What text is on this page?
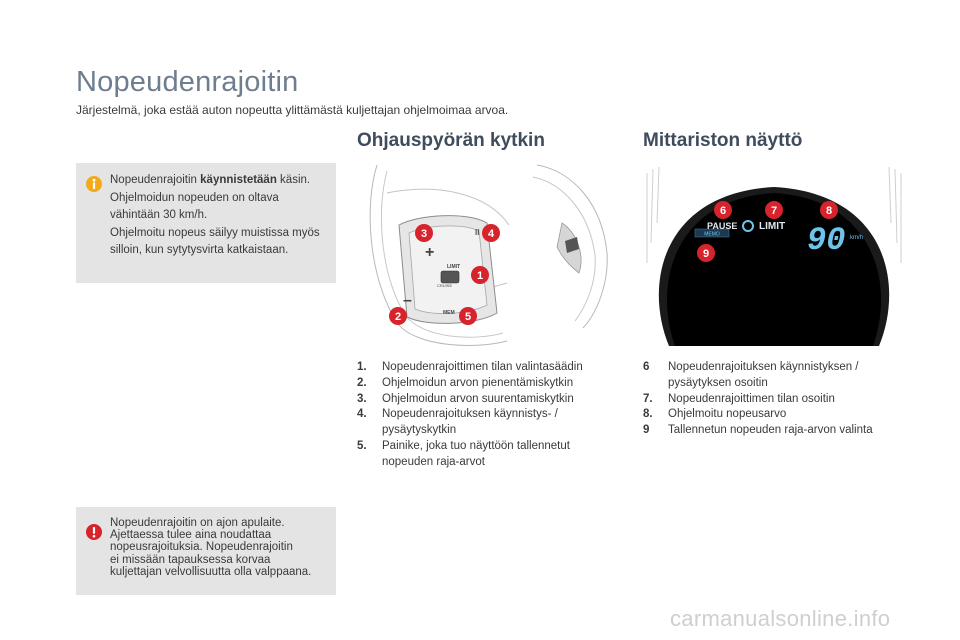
Nopeudenrajoitin
Järjestelmä, joka estää auton nopeutta ylittämästä kuljettajan ohjelmoimaa arvoa.
Ohjauspyörän kytkin	Mittariston näyttö

Nopeudenrajoitin käynnistetään käsin.

Ohjelmoidun nopeuden on oltava vähintään 30 km/h.

Ohjelmoitu nopeus säilyy muistissa myös silloin, kun sytytysvirta katkaistaan.

Nopeudenrajoitin on ajon apulaite.

Ajettaessa tulee aina noudattaa

nopeusrajoituksia. Nopeudenrajoitin

ei missään tapauksessa korvaa

kuljettajan velvollisuutta olla valppaana.

+
–
LIMIT
CRUISE
MEM
II
1
2
3	4
5
MEMO
PAUSE LIMIT 90 km/h
6	7	8
9
1.	Nopeudenrajoittimen tilan valintasäädin
2.	Ohjelmoidun arvon pienentämiskytkin
3.	Ohjelmoidun arvon suurentamiskytkin
4.	Nopeudenrajoituksen käynnistys- / pysäytyskytkin
5.	Painike, joka tuo näyttöön tallennetut nopeuden raja-arvot
6	Nopeudenrajoituksen käynnistyksen / pysäytyksen osoitin
7.	Nopeudenrajoittimen tilan osoitin
8.	Ohjelmoitu nopeusarvo
9	Tallennetun nopeuden raja-arvon valinta
carmanualsonline.info
